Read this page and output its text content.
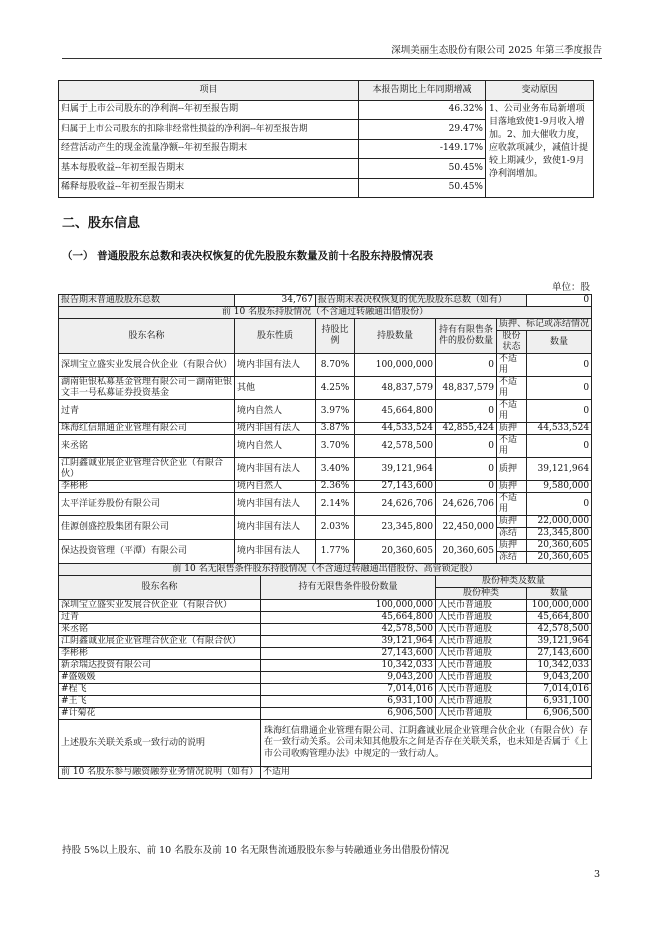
深圳美丽生态股份有限公司 2025 年第三季度报告
项目	本报告期比上年同期增减	变动原因
归属于上市公司股东的净利润--年初至报告期	46.32%	1、公司业务布局新增项目落地致使1-9月收入增加。2、加大催收力度，应收款项减少，减值计提较上期减少，致使1-9月净利润增加。
归属于上市公司股东的扣除非经常性损益的净利润--年初至报告期	29.47%	
经营活动产生的现金流量净额--年初至报告期末	-149.17%	
基本每股收益--年初至报告期末	50.45%	
稀释每股收益--年初至报告期末	50.45%	
二、股东信息
（一） 普通股股东总数和表决权恢复的优先股股东数量及前十名股东持股情况表
单位：股
报告期末普通股股东总数	34,767		报告期末表决权恢复的优先股股东总数（如有）				0
前 10 名股东持股情况（不含通过转融通出借股份）							
股东名称	股东性质		持股比例	持股数量	持有有限售条件的股份数量	质押、标记或冻结情况	
						股份状态	数量
深圳宝立盛实业发展合伙企业（有限合伙）	境内非国有法人		8.70%	100,000,000	0	不适用	0
湖南钜银私募基金管理有限公司－湖南钜银文丰一号私募证券投资基金	其他		4.25%	48,837,579	48,837,579	不适用	0
过青	境内自然人		3.97%	45,664,800	0	不适用	0
珠海红信鼎通企业管理有限公司	境内非国有法人		3.87%	44,533,524	42,855,424	质押	44,533,524
来丞铭	境内自然人		3.70%	42,578,500	0	不适用	0
江阴鑫诚业展企业管理合伙企业（有限合伙）	境内非国有法人		3.40%	39,121,964	0	质押	39,121,964
李彬彬	境内自然人		2.36%	27,143,600	0	质押	9,580,000
太平洋证券股份有限公司	境内非国有法人		2.14%	24,626,706	24,626,706	不适用	0
佳源创盛控股集团有限公司	境内非国有法人		2.03%	23,345,800	22,450,000	质押	22,000,000
						冻结	23,345,800
保达投资管理（平潭）有限公司	境内非国有法人		1.77%	20,360,605	20,360,605	质押	20,360,605
						冻结	20,360,605
前 10 名无限售条件股东持股情况（不含通过转融通出借股份、高管锁定股）							
股东名称		持有无限售条件股份数量			股份种类及数量		
					股份种类		数量
深圳宝立盛实业发展合伙企业（有限合伙）		100,000,000			人民币普通股		100,000,000
过青		45,664,800			人民币普通股		45,664,800
来丞铭		42,578,500			人民币普通股		42,578,500
江阴鑫诚业展企业管理合伙企业（有限合伙）		39,121,964			人民币普通股		39,121,964
李彬彬		27,143,600			人民币普通股		27,143,600
新余瑞达投资有限公司		10,342,033			人民币普通股		10,342,033
#盛媛媛		9,043,200			人民币普通股		9,043,200
#程飞		7,014,016			人民币普通股		7,014,016
#王飞		6,931,100			人民币普通股		6,931,100
#计菊花		6,906,500			人民币普通股		6,906,500
上述股东关联关系或一致行动的说明		珠海红信鼎通企业管理有限公司、江阴鑫诚业展企业管理合伙企业（有限合伙）存在一致行动关系。公司未知其他股东之间是否存在关联关系，也未知是否属于《上市公司收购管理办法》中规定的一致行动人。					
前 10 名股东参与融资融券业务情况说明（如有）		不适用					
持股 5%以上股东、前 10 名股东及前 10 名无限售流通股股东参与转融通业务出借股份情况
3
